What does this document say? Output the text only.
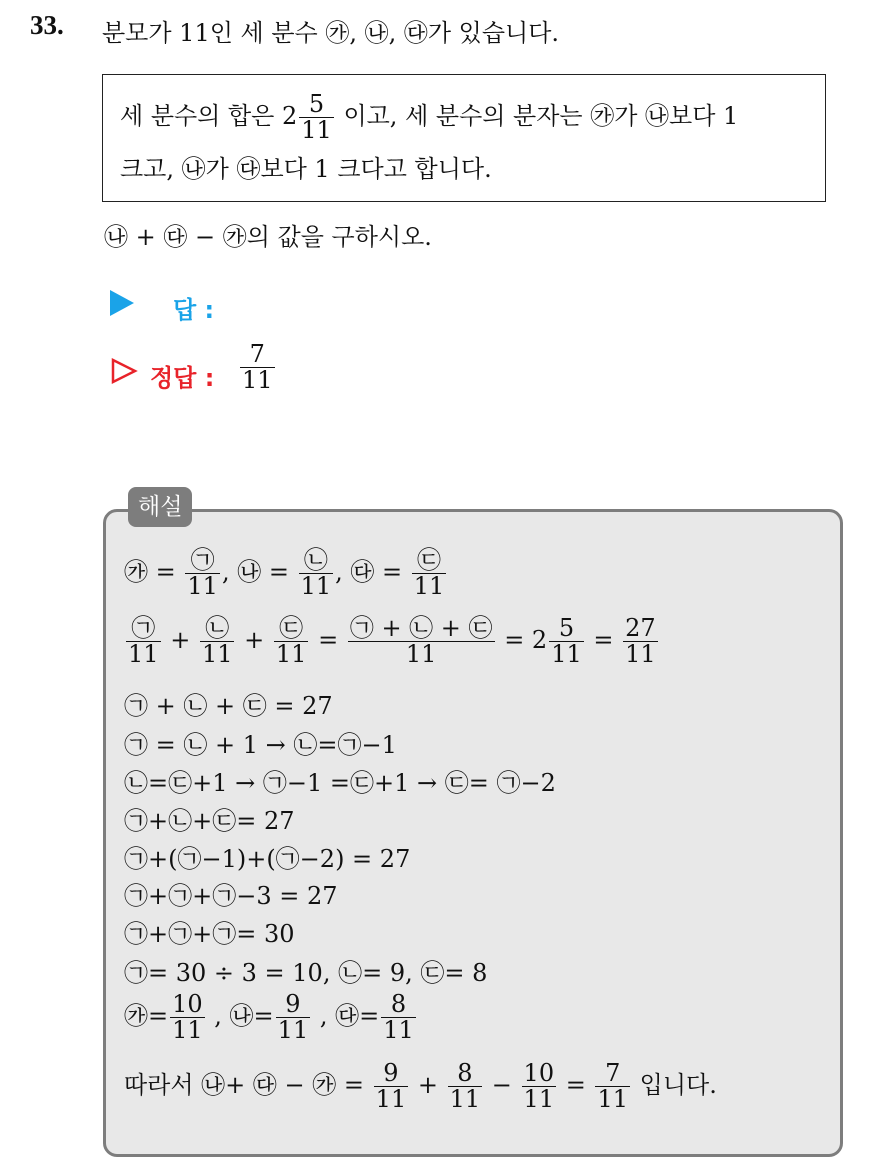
33. 분모가 11인 세 분수 ㉮, ㉯, ㉰가 있습니다.
세 분수의 합은 $2 \frac{5}{11}$ 이고, 세 분수의 분자는 ㉮가 ㉯보다 1
크고, ㉯가 ㉰보다 1 크다고 합니다.
㉯ + ㉰ − ㉮의 값을 구하시오.
답 :
정답 : $\frac{7}{11}$
해설
㉮ = $\frac{㉠}{11}$ , ㉯ = $\frac{㉡}{11}$ , ㉰ = $\frac{㉢}{11}$
$\frac{㉠}{11} + \frac{㉡}{11} + \frac{㉢}{11} = \frac{㉠ + ㉡ + ㉢}{11} = 2 \frac{5}{11} = \frac{27}{11}$
㉠ + ㉡ + ㉢ = 27
㉠ = ㉡ + 1 → ㉡=㉠−1
㉡=㉢+1 → ㉠−1 =㉢+1 → ㉢= ㉠−2
㉠+㉡+㉢= 27
㉠+(㉠−1)+(㉠−2) = 27
㉠+㉠+㉠−3 = 27
㉠+㉠+㉠= 30
㉠= 30 ÷ 3 = 10, ㉡= 9, ㉢= 8
㉮= $\frac{10}{11}$ , ㉯= $\frac{9}{11}$ , ㉰= $\frac{8}{11}$
따라서 ㉯+ ㉰ − ㉮ = $\frac{9}{11} + \frac{8}{11} - \frac{10}{11} = \frac{7}{11}$ 입니다.
